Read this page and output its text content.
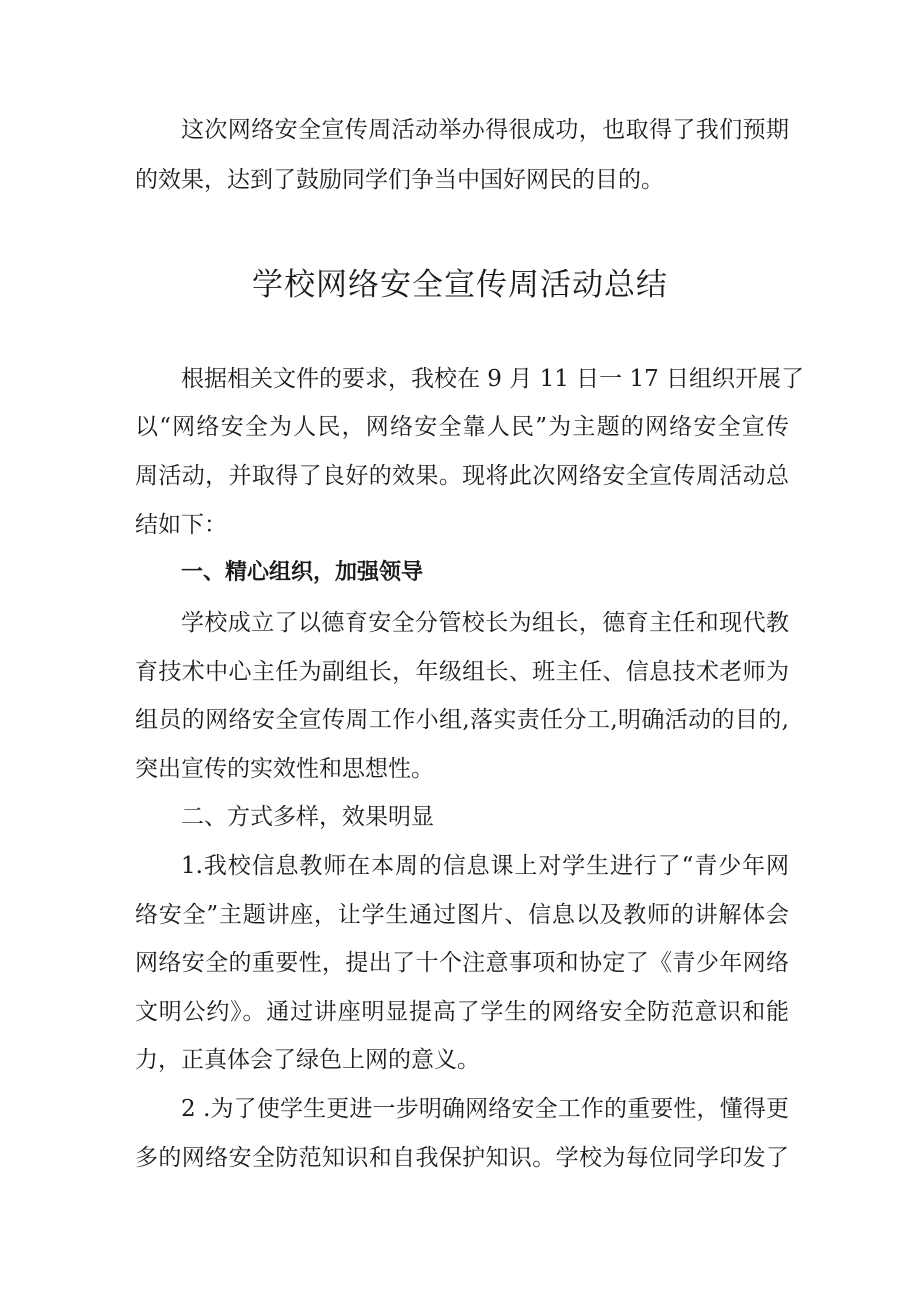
这次网络安全宣传周活动举办得很成功，也取得了我们预期
的效果，达到了鼓励同学们争当中国好网民的目的。
学校网络安全宣传周活动总结
根据相关文件的要求，我校在 9 月 11 日一 17 日组织开展了
以“网络安全为人民，网络安全靠人民”为主题的网络安全宣传
周活动，并取得了良好的效果。现将此次网络安全宣传周活动总
结如下：
一、精心组织，加强领导
学校成立了以德育安全分管校长为组长，德育主任和现代教
育技术中心主任为副组长，年级组长、班主任、信息技术老师为
组员的网络安全宣传周工作小组,落实责任分工,明确活动的目的,
突出宣传的实效性和思想性。
二、方式多样，效果明显
1.我校信息教师在本周的信息课上对学生进行了“青少年网
络安全”主题讲座，让学生通过图片、信息以及教师的讲解体会
网络安全的重要性，提出了十个注意事项和协定了《青少年网络
文明公约》。通过讲座明显提高了学生的网络安全防范意识和能
力，正真体会了绿色上网的意义。
2 .为了使学生更进一步明确网络安全工作的重要性，懂得更
多的网络安全防范知识和自我保护知识。学校为每位同学印发了
